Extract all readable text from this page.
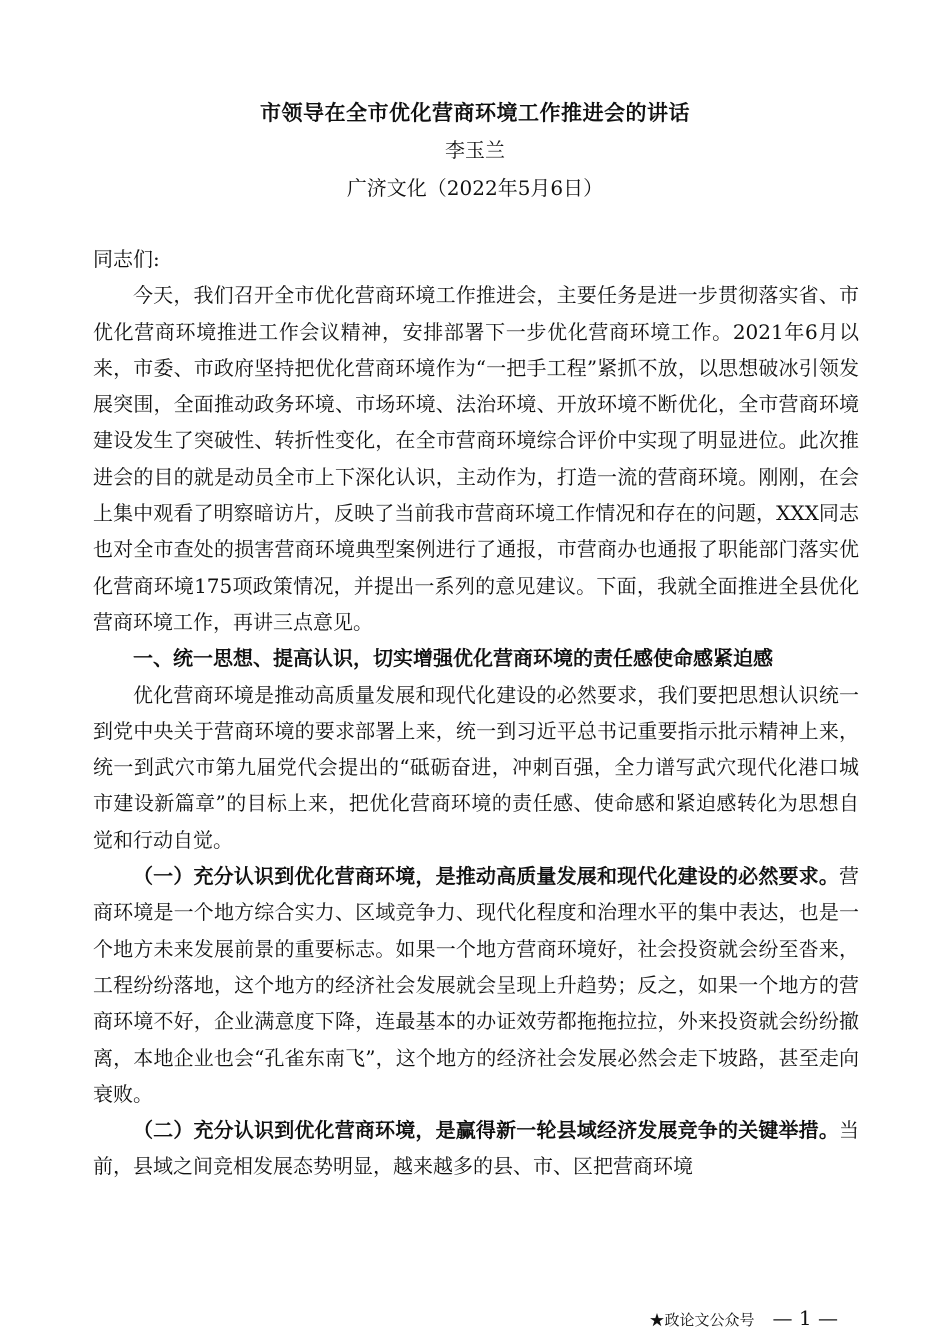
市领导在全市优化营商环境工作推进会的讲话
李玉兰
广济文化（2022年5月6日）

同志们:

今天，我们召开全市优化营商环境工作推进会，主要任务是进一步贯彻落实省、市优化营商环境推进工作会议精神，安排部署下一步优化营商环境工作。2021年6月以来，市委、市政府坚持把优化营商环境作为“一把手工程”紧抓不放，以思想破冰引领发展突围，全面推动政务环境、市场环境、法治环境、开放环境不断优化，全市营商环境建设发生了突破性、转折性变化，在全市营商环境综合评价中实现了明显进位。此次推进会的目的就是动员全市上下深化认识，主动作为，打造一流的营商环境。刚刚，在会上集中观看了明察暗访片，反映了当前我市营商环境工作情况和存在的问题，XXX同志也对全市查处的损害营商环境典型案例进行了通报，市营商办也通报了职能部门落实优化营商环境175项政策情况，并提出一系列的意见建议。下面，我就全面推进全县优化营商环境工作，再讲三点意见。

一、统一思想、提高认识，切实增强优化营商环境的责任感使命感紧迫感

优化营商环境是推动高质量发展和现代化建设的必然要求，我们要把思想认识统一到党中央关于营商环境的要求部署上来，统一到习近平总书记重要指示批示精神上来，统一到武穴市第九届党代会提出的“砥砺奋进，冲刺百强，全力谱写武穴现代化港口城市建设新篇章”的目标上来，把优化营商环境的责任感、使命感和紧迫感转化为思想自觉和行动自觉。

（一）充分认识到优化营商环境，是推动高质量发展和现代化建设的必然要求。营商环境是一个地方综合实力、区域竞争力、现代化程度和治理水平的集中表达，也是一个地方未来发展前景的重要标志。如果一个地方营商环境好，社会投资就会纷至沓来，工程纷纷落地，这个地方的经济社会发展就会呈现上升趋势；反之，如果一个地方的营商环境不好，企业满意度下降，连最基本的办证效劳都拖拖拉拉，外来投资就会纷纷撤离，本地企业也会“孔雀东南飞”，这个地方的经济社会发展必然会走下坡路，甚至走向衰败。

（二）充分认识到优化营商环境，是赢得新一轮县域经济发展竞争的关键举措。当前，县域之间竞相发展态势明显，越来越多的县、市、区把营商环境

★政论文公众号 — 1 —
